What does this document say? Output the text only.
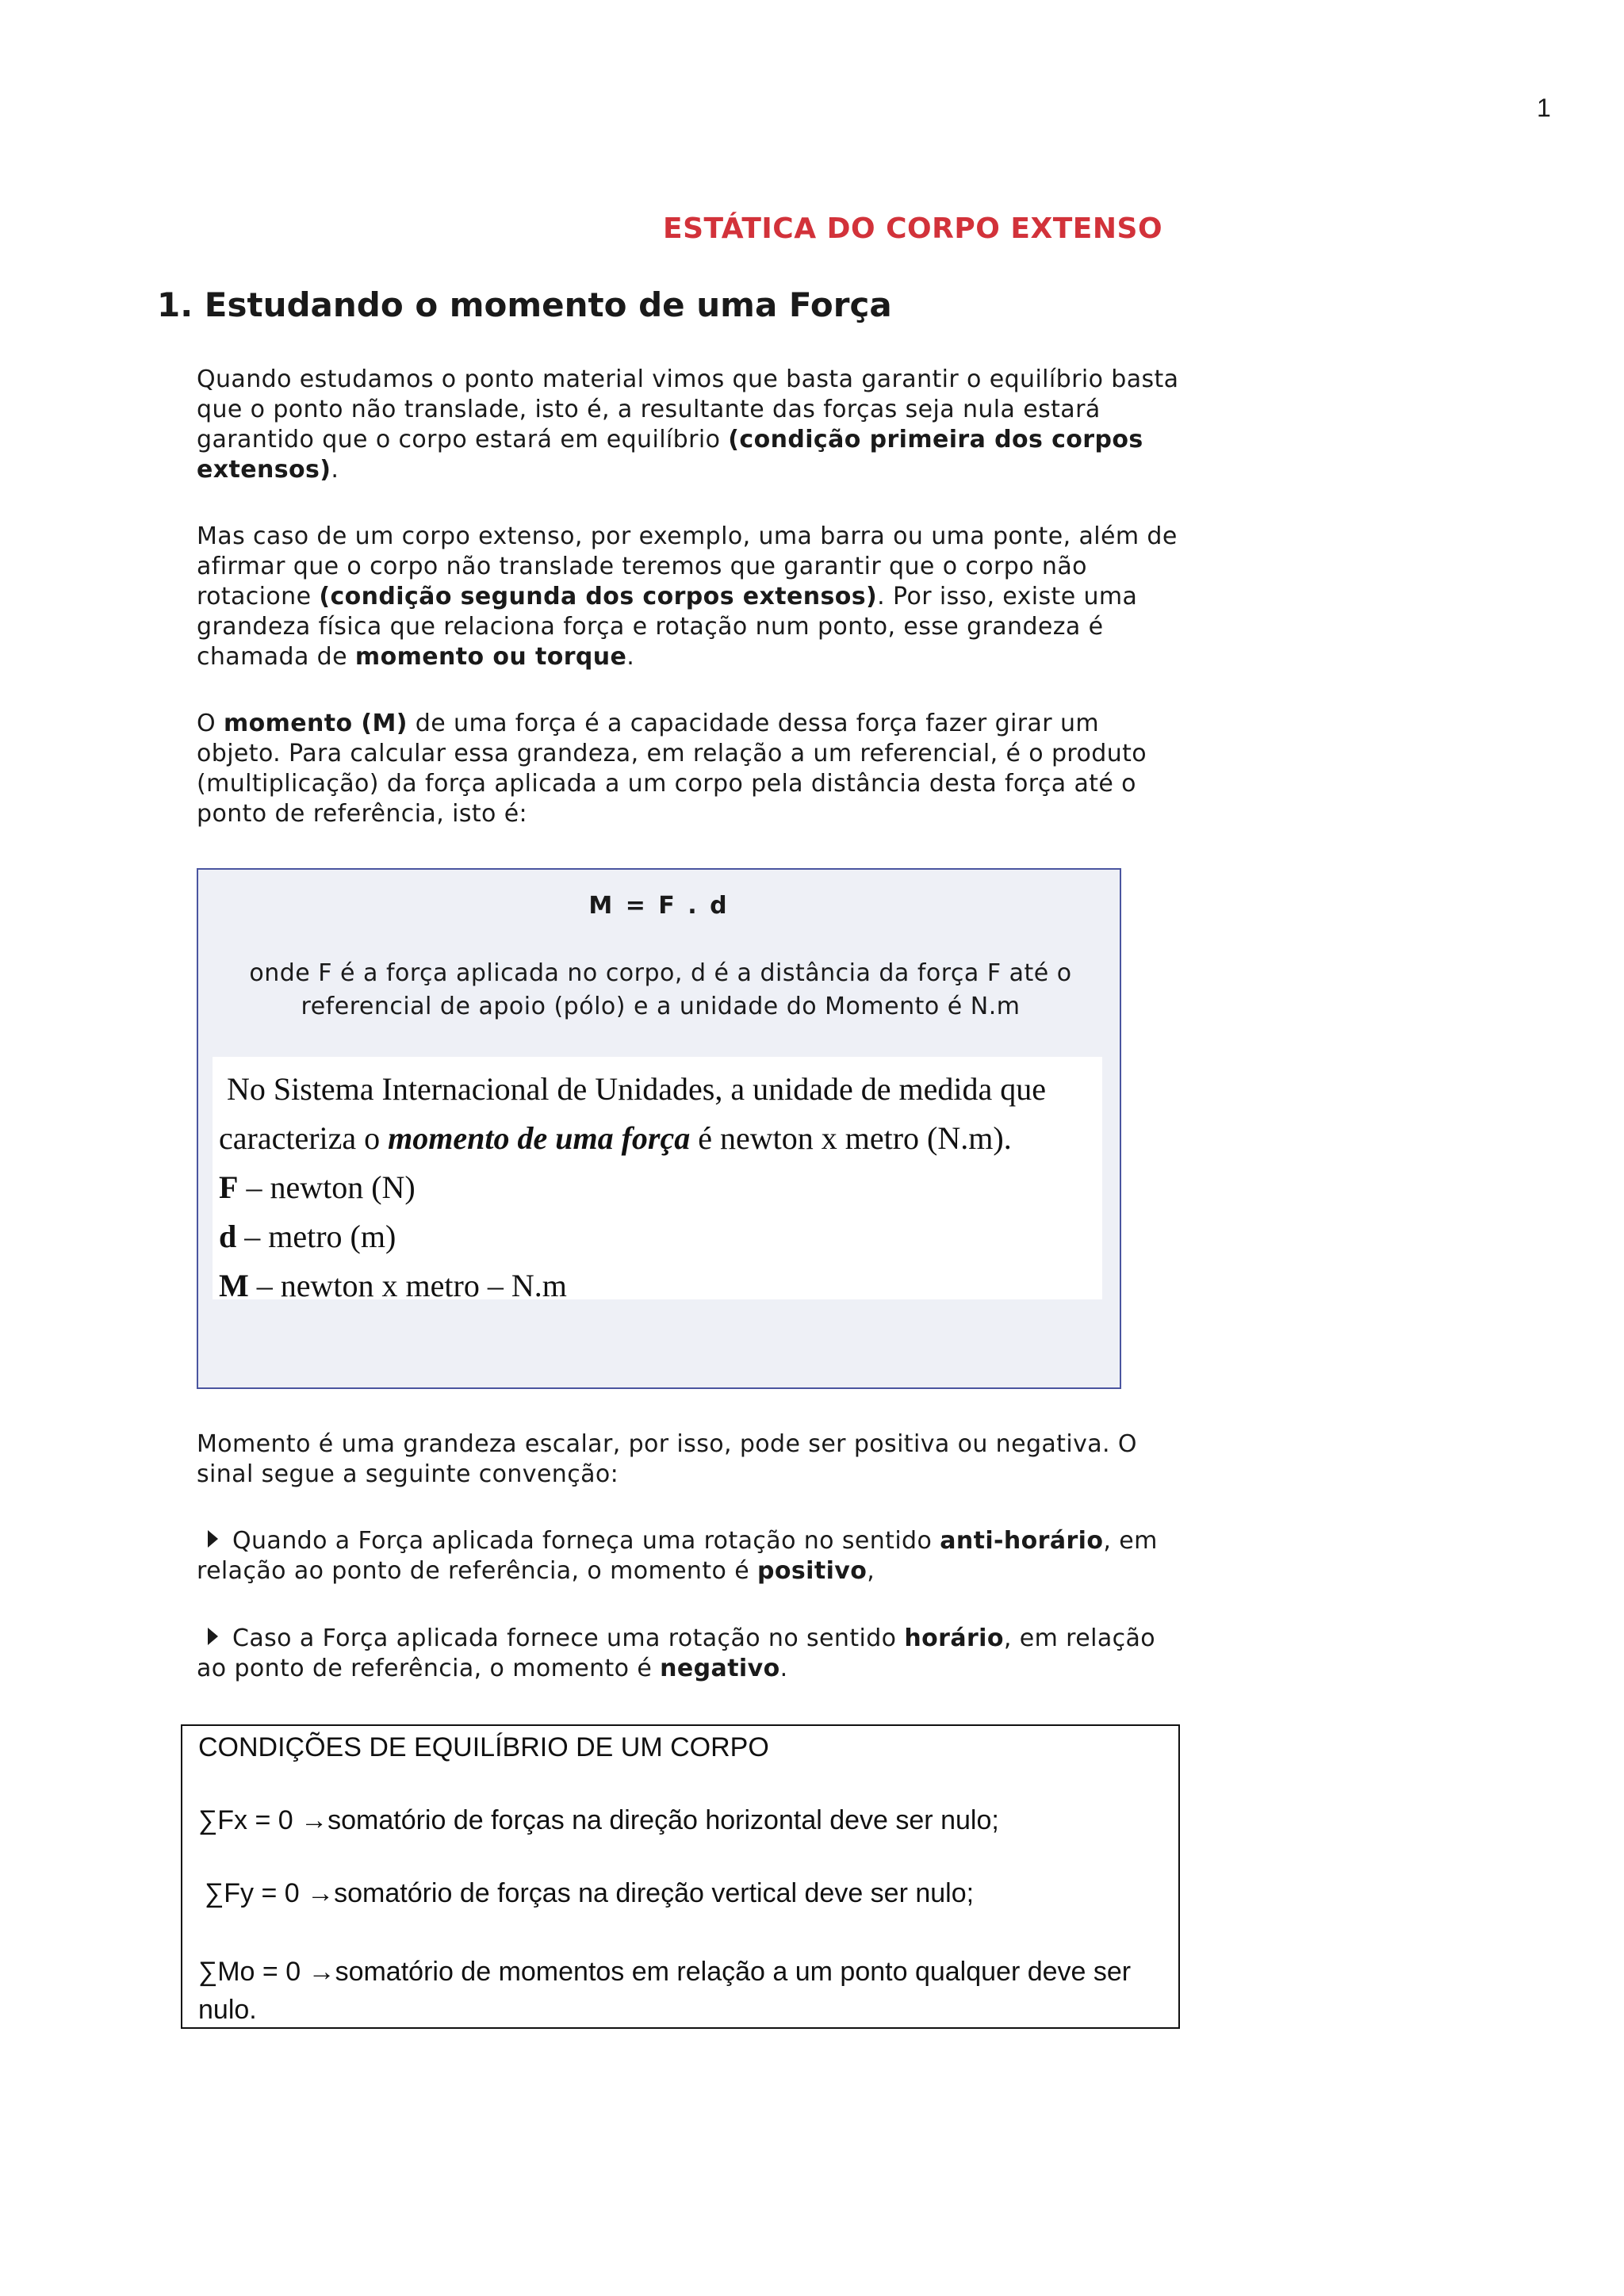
1
ESTÁTICA DO CORPO EXTENSO
1. Estudando o momento de uma Força
Quando estudamos o ponto material vimos que basta garantir o equilíbrio basta que o ponto não translade, isto é, a resultante das forças seja nula estará garantido que o corpo estará em equilíbrio (condição primeira dos corpos extensos).
Mas caso de um corpo extenso, por exemplo, uma barra ou uma ponte, além de afirmar que o corpo não translade teremos que garantir que o corpo não rotacione (condição segunda dos corpos extensos). Por isso, existe uma grandeza física que relaciona força e rotação num ponto, esse grandeza é chamada de momento ou torque.
O momento (M) de uma força é a capacidade dessa força fazer girar um objeto. Para calcular essa grandeza, em relação a um referencial, é o produto (multiplicação) da força aplicada a um corpo pela distância desta força até o ponto de referência, isto é:
M = F . d
onde F é a força aplicada no corpo, d é a distância da força F até o referencial de apoio (pólo) e a unidade do Momento é N.m
No Sistema Internacional de Unidades, a unidade de medida que
caracteriza o momento de uma força é newton x metro (N.m).
F – newton (N)
d – metro (m)
M – newton x metro – N.m
Momento é uma grandeza escalar, por isso, pode ser positiva ou negativa. O sinal segue a seguinte convenção:
Quando a Força aplicada forneça uma rotação no sentido anti-horário, em relação ao ponto de referência, o momento é positivo,
Caso a Força aplicada fornece uma rotação no sentido horário, em relação ao ponto de referência, o momento é negativo.
CONDIÇÕES DE EQUILÍBRIO DE UM CORPO
∑Fx = 0 →somatório de forças na direção horizontal deve ser nulo;
∑Fy = 0 →somatório de forças na direção vertical deve ser nulo;
∑Mo = 0 →somatório de momentos em relação a um ponto qualquer deve ser nulo.
